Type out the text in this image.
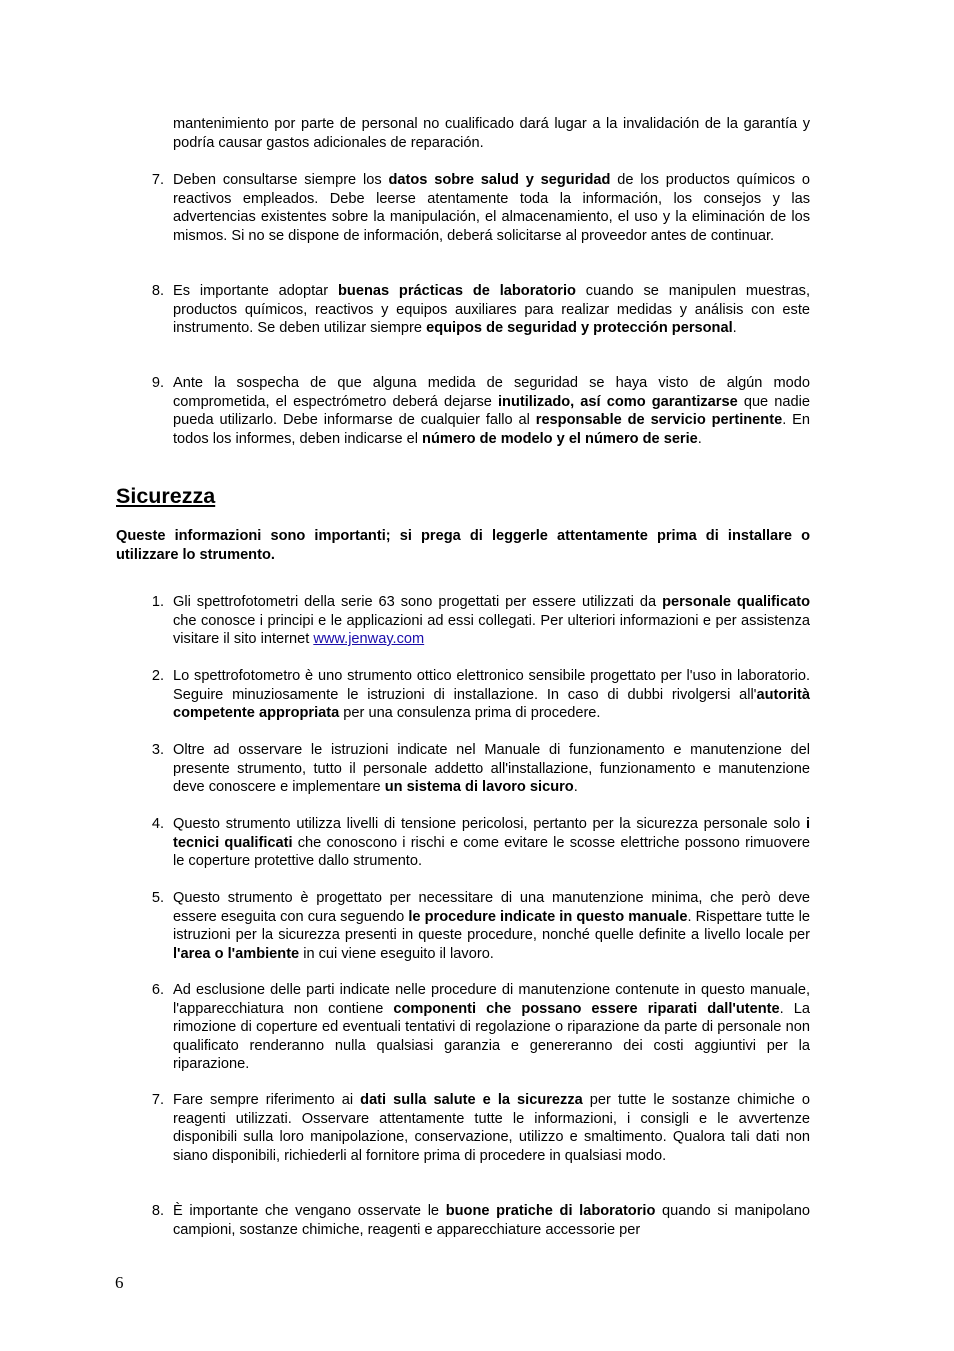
mantenimiento por parte de personal no cualificado dará lugar a la invalidación de la garantía y podría causar gastos adicionales de reparación.
7. Deben consultarse siempre los datos sobre salud y seguridad de los productos químicos o reactivos empleados. Debe leerse atentamente toda la información, los consejos y las advertencias existentes sobre la manipulación, el almacenamiento, el uso y la eliminación de los mismos. Si no se dispone de información, deberá solicitarse al proveedor antes de continuar.
8. Es importante adoptar buenas prácticas de laboratorio cuando se manipulen muestras, productos químicos, reactivos y equipos auxiliares para realizar medidas y análisis con este instrumento. Se deben utilizar siempre equipos de seguridad y protección personal.
9. Ante la sospecha de que alguna medida de seguridad se haya visto de algún modo comprometida, el espectrómetro deberá dejarse inutilizado, así como garantizarse que nadie pueda utilizarlo. Debe informarse de cualquier fallo al responsable de servicio pertinente. En todos los informes, deben indicarse el número de modelo y el número de serie.
Sicurezza
Queste informazioni sono importanti; si prega di leggerle attentamente prima di installare o utilizzare lo strumento.
1. Gli spettrofotometri della serie 63 sono progettati per essere utilizzati da personale qualificato che conosce i principi e le applicazioni ad essi collegati. Per ulteriori informazioni e per assistenza visitare il sito internet www.jenway.com
2. Lo spettrofotometro è uno strumento ottico elettronico sensibile progettato per l'uso in laboratorio. Seguire minuziosamente le istruzioni di installazione. In caso di dubbi rivolgersi all'autorità competente appropriata per una consulenza prima di procedere.
3. Oltre ad osservare le istruzioni indicate nel Manuale di funzionamento e manutenzione del presente strumento, tutto il personale addetto all'installazione, funzionamento e manutenzione deve conoscere e implementare un sistema di lavoro sicuro.
4. Questo strumento utilizza livelli di tensione pericolosi, pertanto per la sicurezza personale solo i tecnici qualificati che conoscono i rischi e come evitare le scosse elettriche possono rimuovere le coperture protettive dallo strumento.
5. Questo strumento è progettato per necessitare di una manutenzione minima, che però deve essere eseguita con cura seguendo le procedure indicate in questo manuale. Rispettare tutte le istruzioni per la sicurezza presenti in queste procedure, nonché quelle definite a livello locale per l'area o l'ambiente in cui viene eseguito il lavoro.
6. Ad esclusione delle parti indicate nelle procedure di manutenzione contenute in questo manuale, l'apparecchiatura non contiene componenti che possano essere riparati dall'utente. La rimozione di coperture ed eventuali tentativi di regolazione o riparazione da parte di personale non qualificato renderanno nulla qualsiasi garanzia e genereranno dei costi aggiuntivi per la riparazione.
7. Fare sempre riferimento ai dati sulla salute e la sicurezza per tutte le sostanze chimiche o reagenti utilizzati. Osservare attentamente tutte le informazioni, i consigli e le avvertenze disponibili sulla loro manipolazione, conservazione, utilizzo e smaltimento. Qualora tali dati non siano disponibili, richiederli al fornitore prima di procedere in qualsiasi modo.
8. È importante che vengano osservate le buone pratiche di laboratorio quando si manipolano campioni, sostanze chimiche, reagenti e apparecchiature accessorie per
6
